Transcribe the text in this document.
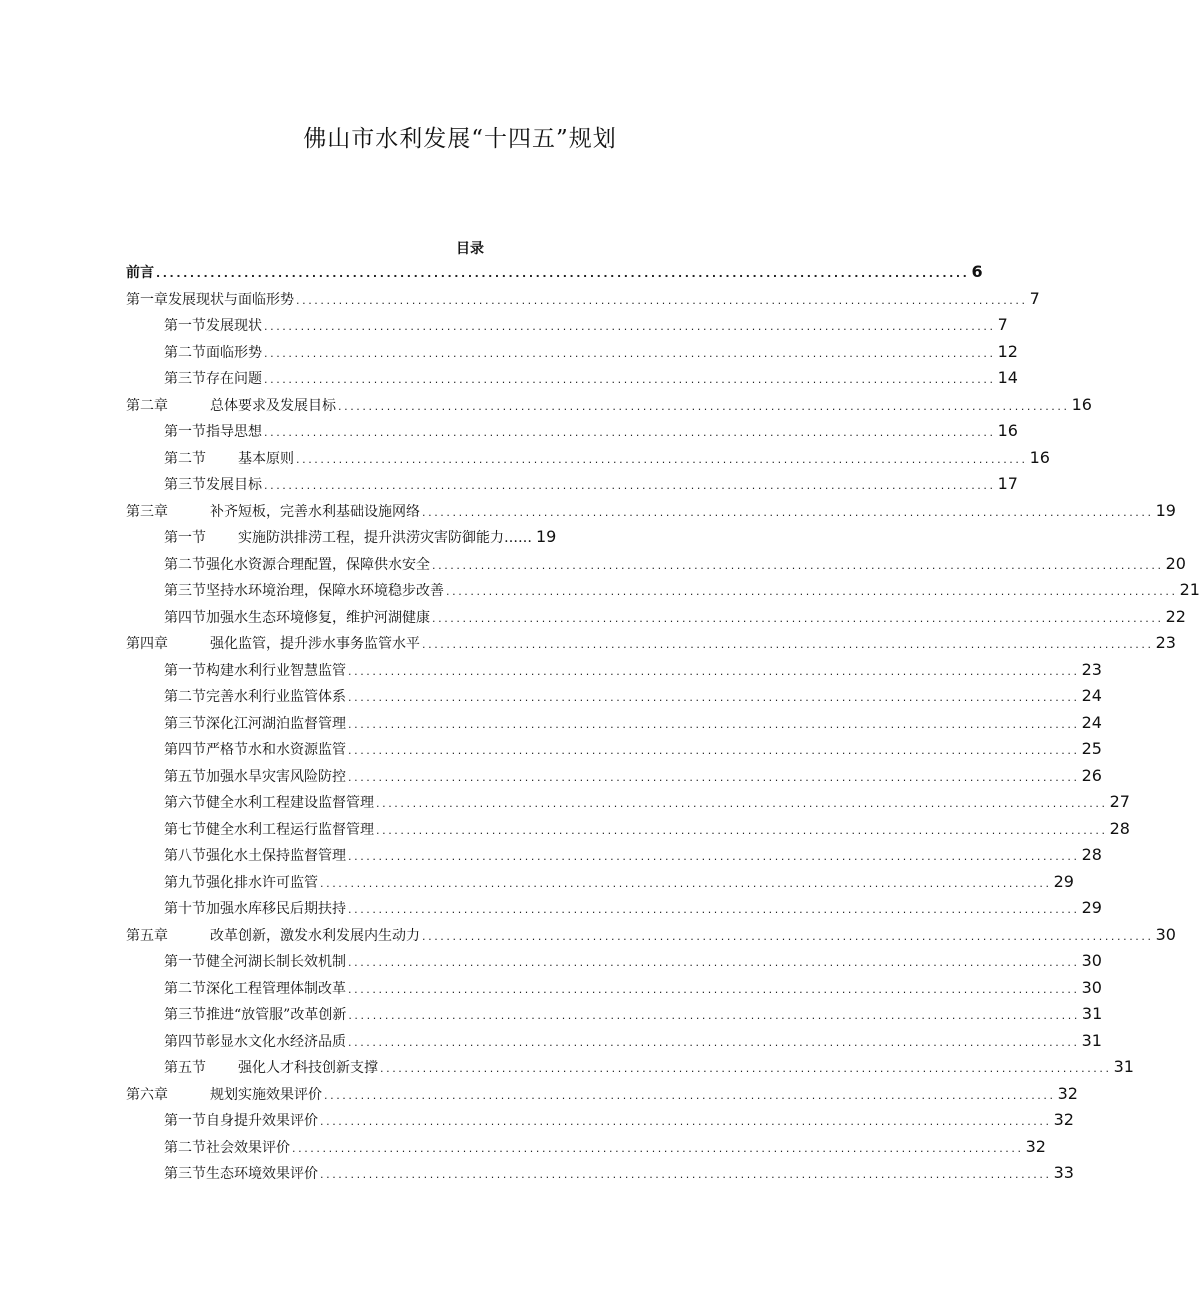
佛山市水利发展“十四五”规划
目录
前言 ........................................................................................................................ 6
第一章发展现状与面临形势 ........................................................................................................................ 7
第一节发展现状 ........................................................................................................................ 7
第二节面临形势 ........................................................................................................................ 12
第三节存在问题 ........................................................................................................................ 14
第二章	总体要求及发展目标 ........................................................................................................................ 16
第一节指导思想 ........................................................................................................................ 16
第二节 基本原则 ........................................................................................................................ 16
第三节发展目标 ........................................................................................................................ 17
第三章	补齐短板，完善水利基础设施网络 ........................................................................................................................ 19
第一节 实施防洪排涝工程，提升洪涝灾害防御能力…… 19
第二节强化水资源合理配置，保障供水安全 ........................................................................................................................ 20
第三节坚持水环境治理，保障水环境稳步改善 ........................................................................................................................ 21
第四节加强水生态环境修复，维护河湖健康 ........................................................................................................................ 22
第四章	强化监管，提升涉水事务监管水平 ........................................................................................................................ 23
第一节构建水利行业智慧监管 ........................................................................................................................ 23
第二节完善水利行业监管体系 ........................................................................................................................ 24
第三节深化江河湖泊监督管理 ........................................................................................................................ 24
第四节严格节水和水资源监管 ........................................................................................................................ 25
第五节加强水旱灾害风险防控 ........................................................................................................................ 26
第六节健全水利工程建设监督管理 ........................................................................................................................ 27
第七节健全水利工程运行监督管理 ........................................................................................................................ 28
第八节强化水土保持监督管理 ........................................................................................................................ 28
第九节强化排水许可监管 ........................................................................................................................ 29
第十节加强水库移民后期扶持 ........................................................................................................................ 29
第五章	改革创新，激发水利发展内生动力 ........................................................................................................................ 30
第一节健全河湖长制长效机制 ........................................................................................................................ 30
第二节深化工程管理体制改革 ........................................................................................................................ 30
第三节推进“放管服”改革创新 ........................................................................................................................ 31
第四节彰显水文化水经济品质 ........................................................................................................................ 31
第五节 强化人才科技创新支撑 ........................................................................................................................ 31
第六章	规划实施效果评价 ........................................................................................................................ 32
第一节自身提升效果评价 ........................................................................................................................ 32
第二节社会效果评价 ........................................................................................................................ 32
第三节生态环境效果评价 ........................................................................................................................ 33
